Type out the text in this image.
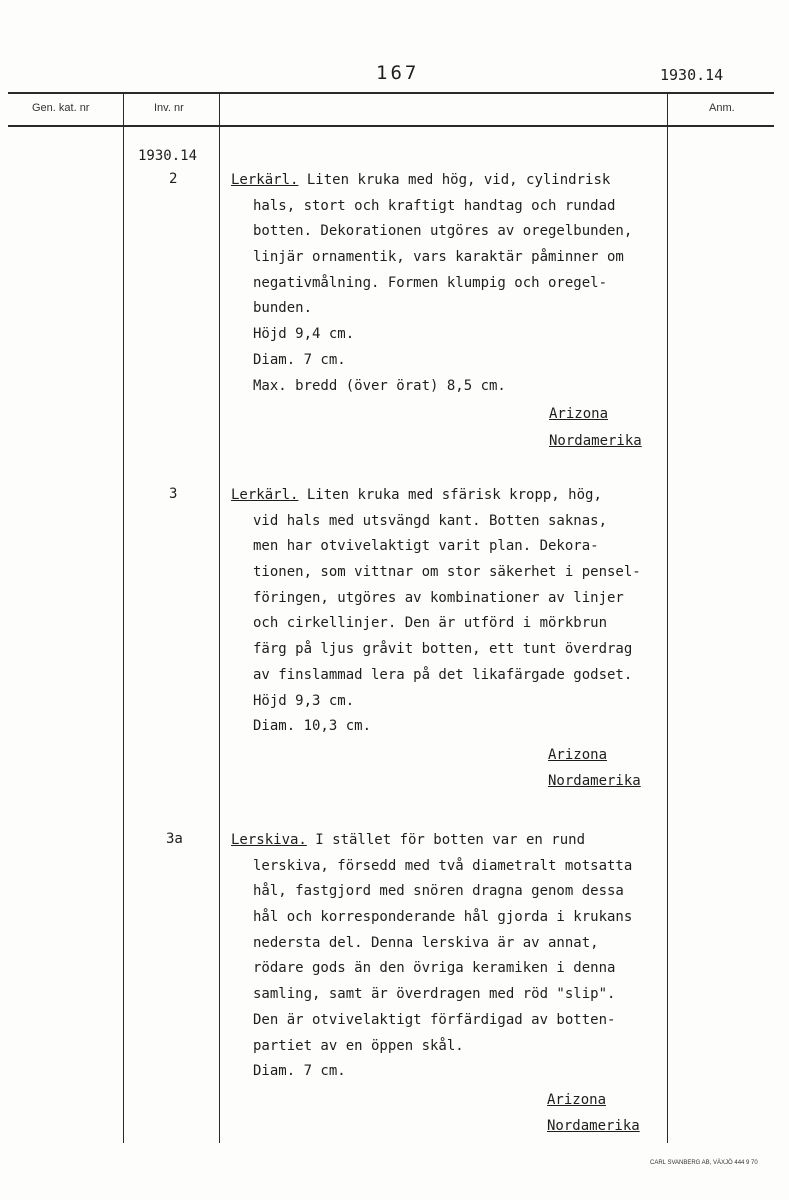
167	1930.14
Gen. kat. nr	Inv. nr	Anm.
1930.14
2	Lerkärl. Liten kruka med hög, vid, cylindrisk
hals, stort och kraftigt handtag och rundad
botten. Dekorationen utgöres av oregelbunden,
linjär ornamentik, vars karaktär påminner om
negativmålning. Formen klumpig och oregel-
bunden.
Höjd 9,4 cm.
Diam. 7 cm.
Max. bredd (över örat) 8,5 cm.
Arizona
Nordamerika
3	Lerkärl. Liten kruka med sfärisk kropp, hög,
vid hals med utsvängd kant. Botten saknas,
men har otvivelaktigt varit plan. Dekora-
tionen, som vittnar om stor säkerhet i pensel-
föringen, utgöres av kombinationer av linjer
och cirkellinjer. Den är utförd i mörkbrun
färg på ljus gråvit botten, ett tunt överdrag
av finslammad lera på det likafärgade godset.
Höjd 9,3 cm.
Diam. 10,3 cm.
Arizona
Nordamerika
3a	Lerskiva. I stället för botten var en rund
lerskiva, försedd med två diametralt motsatta
hål, fastgjord med snören dragna genom dessa
hål och korresponderande hål gjorda i krukans
nedersta del. Denna lerskiva är av annat,
rödare gods än den övriga keramiken i denna
samling, samt är överdragen med röd "slip".
Den är otvivelaktigt förfärdigad av botten-
partiet av en öppen skål.
Diam. 7 cm.
Arizona
Nordamerika
CARL SVANBERG AB, VÄXJÖ 444 9 70
